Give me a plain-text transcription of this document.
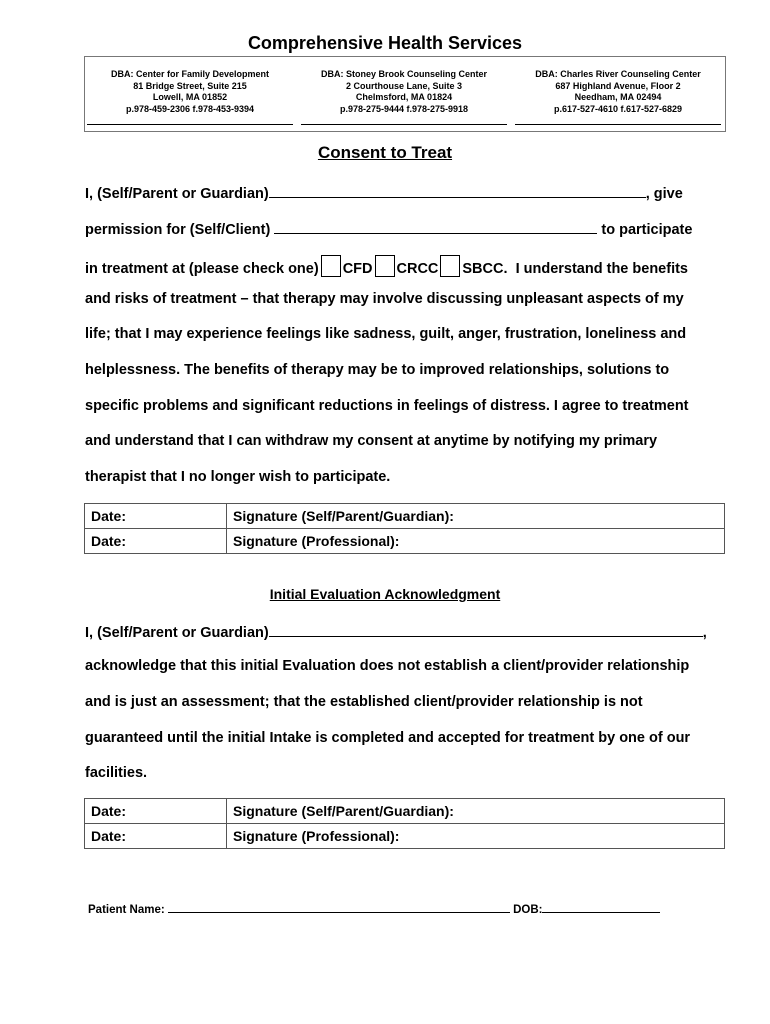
Comprehensive Health Services
DBA: Center for Family Development
81 Bridge Street, Suite 215
Lowell, MA 01852
p.978-459-2306 f.978-453-9394
DBA: Stoney Brook Counseling Center
2 Courthouse Lane, Suite 3
Chelmsford, MA 01824
p.978-275-9444 f.978-275-9918
DBA: Charles River Counseling Center
687 Highland Avenue, Floor 2
Needham, MA 02494
p.617-527-4610 f.617-527-6829
Consent to Treat
I, (Self/Parent or Guardian)	, give
permission for (Self/Client)	to participate
in treatment at (please check one) CFD CRCC SBCC. I understand the benefits
and risks of treatment – that therapy may involve discussing unpleasant aspects of my
life; that I may experience feelings like sadness, guilt, anger, frustration, loneliness and
helplessness. The benefits of therapy may be to improved relationships, solutions to
specific problems and significant reductions in feelings of distress. I agree to treatment
and understand that I can withdraw my consent at anytime by notifying my primary
therapist that I no longer wish to participate.
Date:	Signature (Self/Parent/Guardian):
Date:	Signature (Professional):
Initial Evaluation Acknowledgment
I, (Self/Parent or Guardian)	,
acknowledge that this initial Evaluation does not establish a client/provider relationship
and is just an assessment; that the established client/provider relationship is not
guaranteed until the initial Intake is completed and accepted for treatment by one of our
facilities.
Date:	Signature (Self/Parent/Guardian):
Date:	Signature (Professional):
Patient Name:	DOB:
